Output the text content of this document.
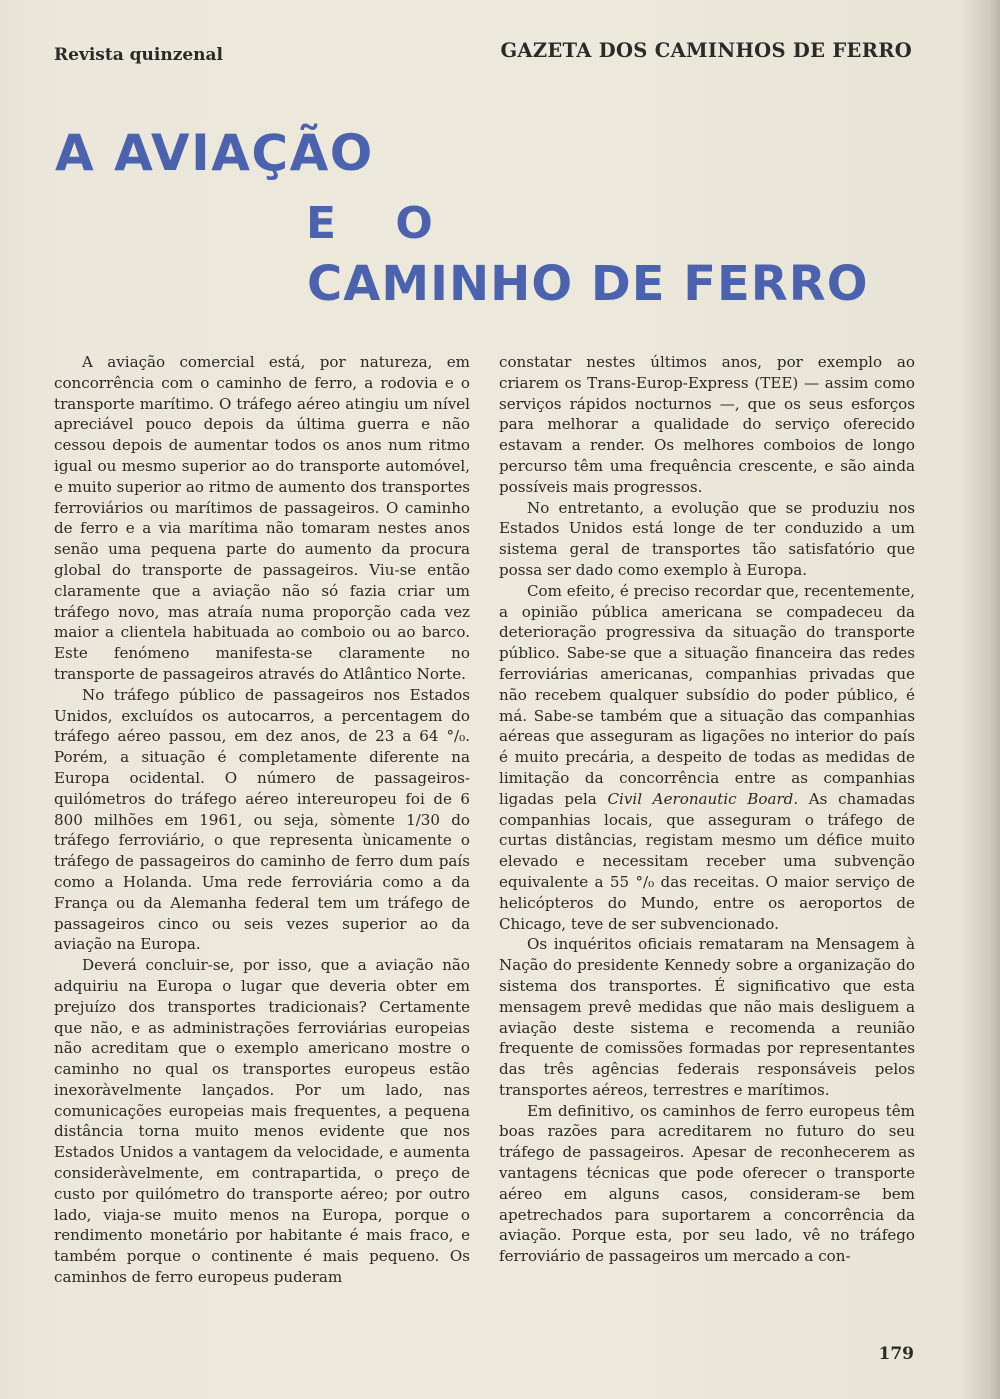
Revista quinzenal	GAZETA DOS CAMINHOS DE FERRO
A AVIAÇÃO
E O
CAMINHO DE FERRO

A aviação comercial está, por natureza, em concorrência com o caminho de ferro, a rodovia e o transporte marítimo. O tráfego aéreo atingiu um nível apreciável pouco depois da última guerra e não cessou depois de aumentar todos os anos num ritmo igual ou mesmo superior ao do transporte automóvel, e muito superior ao ritmo de aumento dos transportes ferroviários ou marítimos de passageiros. O caminho de ferro e a via marítima não tomaram nestes anos senão uma pequena parte do aumento da procura global do transporte de passageiros. Viu-se então claramente que a aviação não só fazia criar um tráfego novo, mas atraía numa proporção cada vez maior a clientela habituada ao comboio ou ao barco. Este fenómeno manifesta-se claramente no transporte de passageiros através do Atlântico Norte.

No tráfego público de passageiros nos Estados Unidos, excluídos os autocarros, a percentagem do tráfego aéreo passou, em dez anos, de 23 a 64 °/₀. Porém, a situação é completamente diferente na Europa ocidental. O número de passageiros-quilómetros do tráfego aéreo intereuropeu foi de 6 800 milhões em 1961, ou seja, sòmente 1/30 do tráfego ferroviário, o que representa ùnicamente o tráfego de passageiros do caminho de ferro dum país como a Holanda. Uma rede ferroviária como a da França ou da Alemanha federal tem um tráfego de passageiros cinco ou seis vezes superior ao da aviação na Europa.

Deverá concluir-se, por isso, que a aviação não adquiriu na Europa o lugar que deveria obter em prejuízo dos transportes tradicionais? Certamente que não, e as administrações ferroviárias europeias não acreditam que o exemplo americano mostre o caminho no qual os transportes europeus estão inexoràvelmente lançados. Por um lado, nas comunicações europeias mais frequentes, a pequena distância torna muito menos evidente que nos Estados Unidos a vantagem da velocidade, e aumenta consideràvelmente, em contrapartida, o preço de custo por quilómetro do transporte aéreo; por outro lado, viaja-se muito menos na Europa, porque o rendimento monetário por habitante é mais fraco, e também porque o continente é mais pequeno. Os caminhos de ferro europeus puderam

constatar nestes últimos anos, por exemplo ao criarem os Trans-Europ-Express (TEE) — assim como serviços rápidos nocturnos —, que os seus esforços para melhorar a qualidade do serviço oferecido estavam a render. Os melhores comboios de longo percurso têm uma frequência crescente, e são ainda possíveis mais progressos.

No entretanto, a evolução que se produziu nos Estados Unidos está longe de ter conduzido a um sistema geral de transportes tão satisfatório que possa ser dado como exemplo à Europa.

Com efeito, é preciso recordar que, recentemente, a opinião pública americana se compadeceu da deterioração progressiva da situação do transporte público. Sabe-se que a situação financeira das redes ferroviárias americanas, companhias privadas que não recebem qualquer subsídio do poder público, é má. Sabe-se também que a situação das companhias aéreas que asseguram as ligações no interior do país é muito precária, a despeito de todas as medidas de limitação da concorrência entre as companhias ligadas pela Civil Aeronautic Board. As chamadas companhias locais, que asseguram o tráfego de curtas distâncias, registam mesmo um défice muito elevado e necessitam receber uma subvenção equivalente a 55 °/₀ das receitas. O maior serviço de helicópteros do Mundo, entre os aeroportos de Chicago, teve de ser subvencionado.

Os inquéritos oficiais remataram na Mensagem à Nação do presidente Kennedy sobre a organização do sistema dos transportes. É significativo que esta mensagem prevê medidas que não mais desliguem a aviação deste sistema e recomenda a reunião frequente de comissões formadas por representantes das três agências federais responsáveis pelos transportes aéreos, terrestres e marítimos.

Em definitivo, os caminhos de ferro europeus têm boas razões para acreditarem no futuro do seu tráfego de passageiros. Apesar de reconhecerem as vantagens técnicas que pode oferecer o transporte aéreo em alguns casos, consideram-se bem apetrechados para suportarem a concorrência da aviação. Porque esta, por seu lado, vê no tráfego ferroviário de passageiros um mercado a con-

179
